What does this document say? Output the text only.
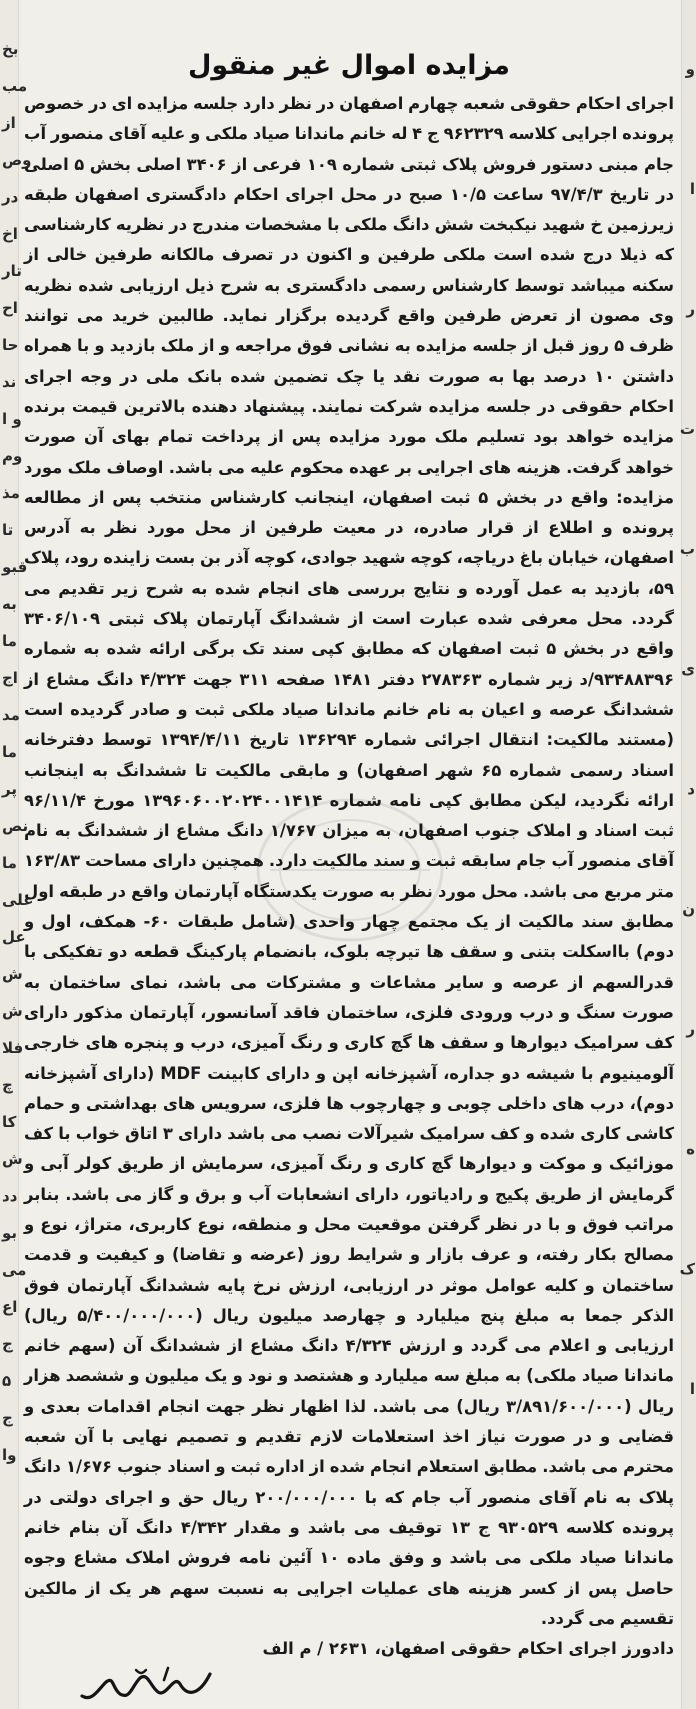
بخ
مب
از
وص
در
اخ
تار
اح
حا
ند
و ا
وم
مذ
تا
قبو
به
ما
اج
مد
ما
پر
نص
ما
علی
عل
ش
ش
فلا
چ
کا
ش
دد
بو
می
اع
ج
۵
ج
وا
و
ا
ر
ت
ب
ی
د
ن
ر
ه
ک
ا
مزایده اموال غیر منقول

اجرای احکام حقوقی شعبه چهارم اصفهان در نظر دارد جلسه مزایده ای در خصوص پرونده اجرایی کلاسه ۹۶۲۳۲۹ ج ۴ له خانم ماندانا صیاد ملکی و علیه آقای منصور آب جام مبنی دستور فروش پلاک ثبتی شماره ۱۰۹ فرعی از ۳۴۰۶ اصلی بخش ۵ اصلی در تاریخ ۹۷/۴/۳ ساعت ۱۰/۵ صبح در محل اجرای احکام دادگستری اصفهان طبقه زیرزمین خ شهید نیکبخت شش دانگ ملکی با مشخصات مندرج در نظریه کارشناسی که ذیلا درج شده است ملکی طرفین و اکنون در تصرف مالکانه طرفین خالی از سکنه میباشد توسط کارشناس رسمی دادگستری به شرح ذیل ارزیابی شده نظریه وی مصون از تعرض طرفین واقع گردیده برگزار نماید. طالبین خرید می توانند ظرف ۵ روز قبل از جلسه مزایده به نشانی فوق مراجعه و از ملک بازدید و با همراه داشتن ۱۰ درصد بها به صورت نقد یا چک تضمین شده بانک ملی در وجه اجرای احکام حقوقی در جلسه مزایده شرکت نمایند. پیشنهاد دهنده بالاترین قیمت برنده مزایده خواهد بود تسلیم ملک مورد مزایده پس از پرداخت تمام بهای آن صورت خواهد گرفت. هزینه های اجرایی بر عهده محکوم علیه می باشد. اوصاف ملک مورد مزایده: واقع در بخش ۵ ثبت اصفهان، اینجانب کارشناس منتخب پس از مطالعه پرونده و اطلاع از قرار صادره، در معیت طرفین از محل مورد نظر به آدرس اصفهان، خیابان باغ دریاچه، کوچه شهید جوادی، کوچه آذر بن بست زاینده رود، پلاک ۵۹، بازدید به عمل آورده و نتایج بررسی های انجام شده به شرح زیر تقدیم می گردد. محل معرفی شده عبارت است از ششدانگ آپارتمان پلاک ثبتی ۳۴۰۶/۱۰۹ واقع در بخش ۵ ثبت اصفهان که مطابق کپی سند تک برگی ارائه شده به شماره ۹۳۴۸۸۳۹۶/د زیر شماره ۲۷۸۳۶۳ دفتر ۱۴۸۱ صفحه ۳۱۱ جهت ۴/۳۲۴ دانگ مشاع از ششدانگ عرصه و اعیان به نام خانم ماندانا صیاد ملکی ثبت و صادر گردیده است (مستند مالکیت: انتقال اجرائی شماره ۱۳۶۲۹۴ تاریخ ۱۳۹۴/۴/۱۱ توسط دفترخانه اسناد رسمی شماره ۶۵ شهر اصفهان) و مابقی مالکیت تا ششدانگ به اینجانب ارائه نگردید، لیکن مطابق کپی نامه شماره ۱۳۹۶۰۶۰۰۲۰۲۴۰۰۱۴۱۴ مورخ ۹۶/۱۱/۴ ثبت اسناد و املاک جنوب اصفهان، به میزان ۱/۷۶۷ دانگ مشاع از ششدانگ به نام آقای منصور آب جام سابقه ثبت و سند مالکیت دارد. همچنین دارای مساحت ۱۶۳/۸۳ متر مربع می باشد. محل مورد نظر به صورت یکدستگاه آپارتمان واقع در طبقه اول مطابق سند مالکیت از یک مجتمع چهار واحدی (شامل طبقات ۶۰- همکف، اول و دوم) بااسکلت بتنی و سقف ها تیرچه بلوک، بانضمام پارکینگ قطعه دو تفکیکی با قدرالسهم از عرصه و سایر مشاعات و مشترکات می باشد، نمای ساختمان به صورت سنگ و درب ورودی فلزی، ساختمان فاقد آسانسور، آپارتمان مذکور دارای کف سرامیک دیوارها و سقف ها گچ کاری و رنگ آمیزی، درب و پنجره های خارجی آلومینیوم با شیشه دو جداره، آشپزخانه اپن و دارای کابینت MDF (دارای آشپزخانه دوم)، درب های داخلی چوبی و چهارچوب ها فلزی، سرویس های بهداشتی و حمام کاشی کاری شده و کف سرامیک شیرآلات نصب می باشد دارای ۳ اتاق خواب با کف موزائیک و موکت و دیوارها گچ کاری و رنگ آمیزی، سرمایش از طریق کولر آبی و گرمایش از طریق پکیج و رادیاتور، دارای انشعابات آب و برق و گاز می باشد. بنابر مراتب فوق و با در نظر گرفتن موقعیت محل و منطقه، نوع کاربری، متراژ، نوع و مصالح بکار رفته، و عرف بازار و شرایط روز (عرضه و تقاضا) و کیفیت و قدمت ساختمان و کلیه عوامل موثر در ارزیابی، ارزش نرخ پایه ششدانگ آپارتمان فوق الذکر جمعا به مبلغ پنج میلیارد و چهارصد میلیون ریال (۵/۴۰۰/۰۰۰/۰۰۰ ریال) ارزیابی و اعلام می گردد و ارزش ۴/۳۲۴ دانگ مشاع از ششدانگ آن (سهم خانم ماندانا صیاد ملکی) به مبلغ سه میلیارد و هشتصد و نود و یک میلیون و ششصد هزار ریال (۳/۸۹۱/۶۰۰/۰۰۰ ریال) می باشد. لذا اظهار نظر جهت انجام اقدامات بعدی و قضایی و در صورت نیاز اخذ استعلامات لازم تقدیم و تصمیم نهایی با آن شعبه محترم می باشد. مطابق استعلام انجام شده از اداره ثبت و اسناد جنوب ۱/۶۷۶ دانگ پلاک به نام آقای منصور آب جام که با ۲۰۰/۰۰۰/۰۰۰ ریال حق و اجرای دولتی در پرونده کلاسه ۹۳۰۵۲۹ ج ۱۳ توقیف می باشد و مقدار ۴/۳۴۲ دانگ آن بنام خانم ماندانا صیاد ملکی می باشد و وفق ماده ۱۰ آئین نامه فروش املاک مشاع وجوه حاصل پس از کسر هزینه های عملیات اجرایی به نسبت سهم هر یک از مالکین تقسیم می گردد.

دادورز اجرای احکام حقوقی اصفهان، ۲۶۳۱ / م الف
